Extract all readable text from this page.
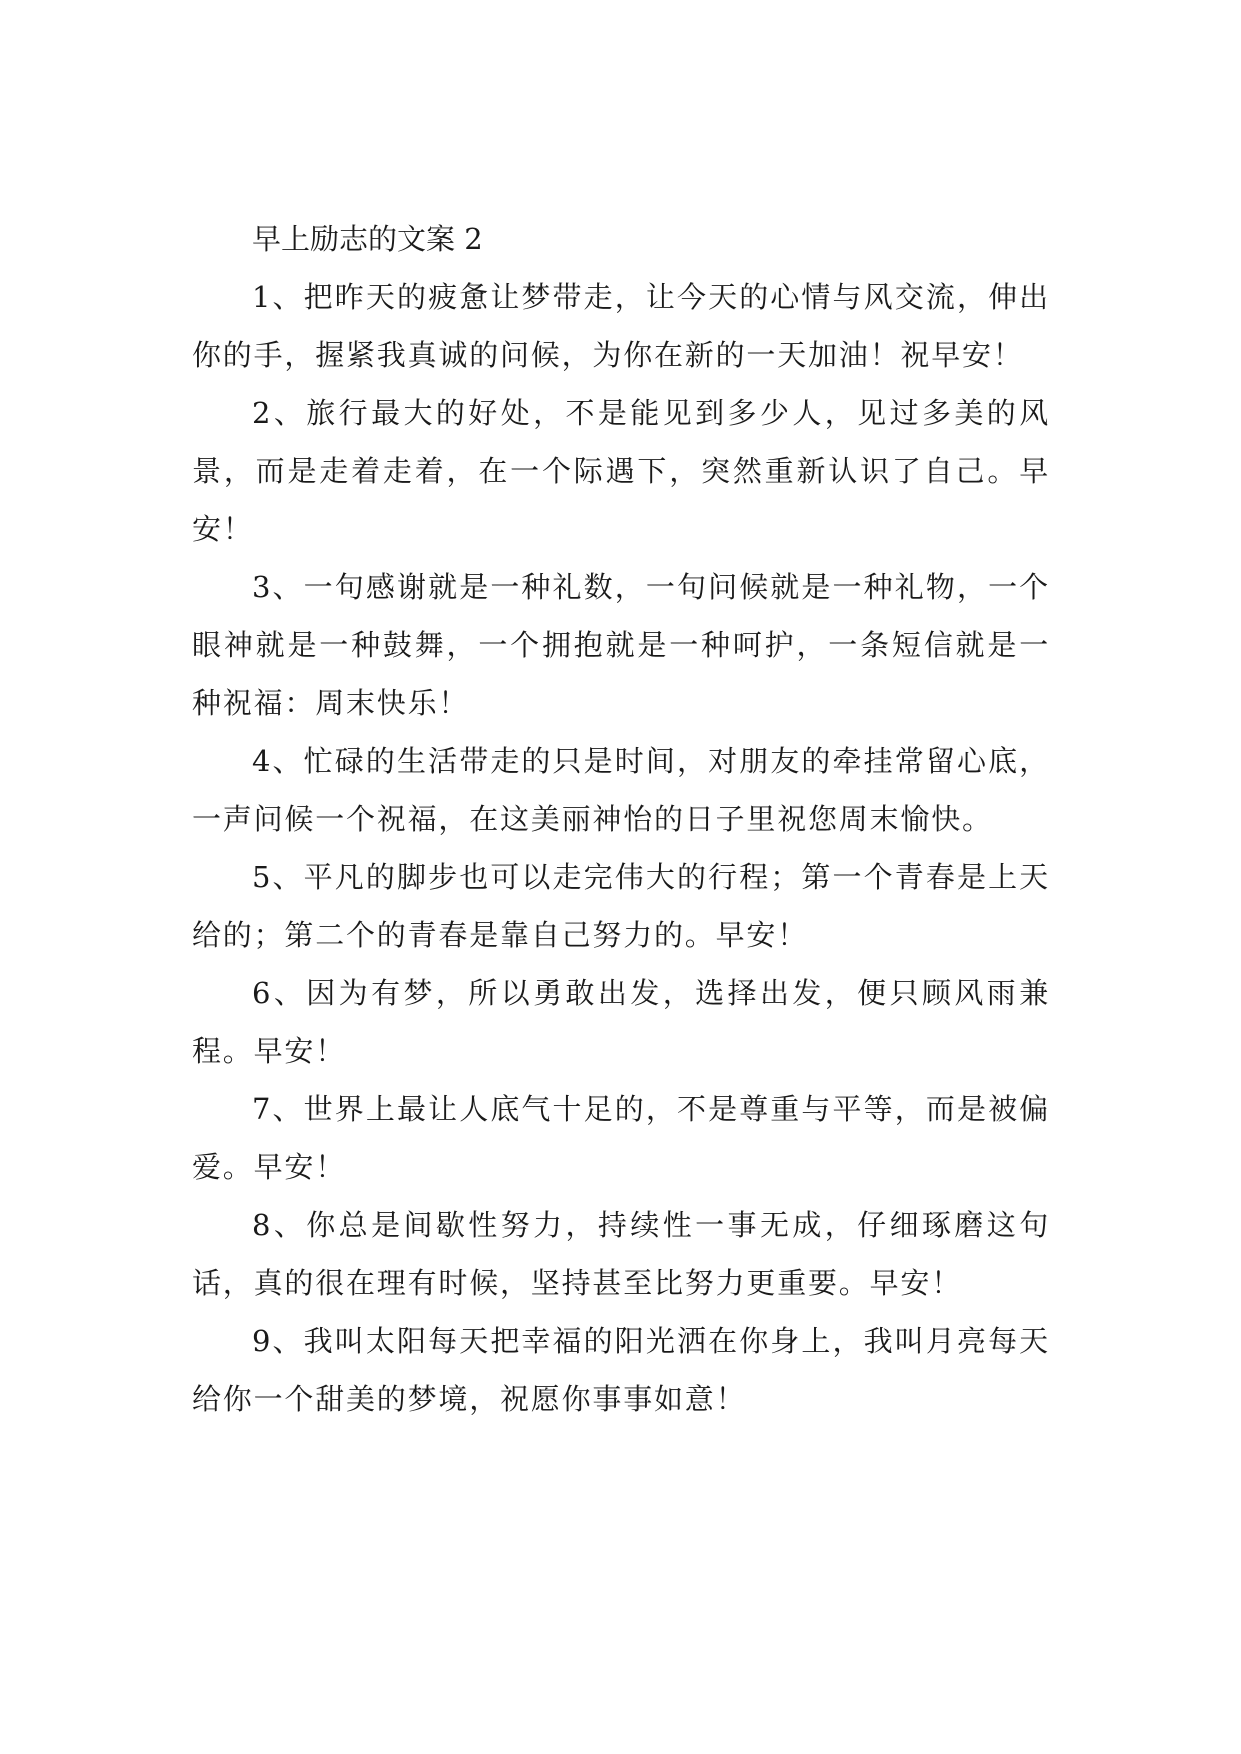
早上励志的文案 2

1、把昨天的疲惫让梦带走，让今天的心情与风交流，伸出你的手，握紧我真诚的问候，为你在新的一天加油！祝早安！

2、旅行最大的好处，不是能见到多少人，见过多美的风景，而是走着走着，在一个际遇下，突然重新认识了自己。早安！

3、一句感谢就是一种礼数，一句问候就是一种礼物，一个眼神就是一种鼓舞，一个拥抱就是一种呵护，一条短信就是一种祝福：周末快乐！

4、忙碌的生活带走的只是时间，对朋友的牵挂常留心底，一声问候一个祝福，在这美丽神怡的日子里祝您周末愉快。

5、平凡的脚步也可以走完伟大的行程；第一个青春是上天给的；第二个的青春是靠自己努力的。早安！

6、因为有梦，所以勇敢出发，选择出发，便只顾风雨兼程。早安！

7、世界上最让人底气十足的，不是尊重与平等，而是被偏爱。早安！

8、你总是间歇性努力，持续性一事无成，仔细琢磨这句话，真的很在理有时候，坚持甚至比努力更重要。早安！

9、我叫太阳每天把幸福的阳光洒在你身上，我叫月亮每天给你一个甜美的梦境，祝愿你事事如意！
